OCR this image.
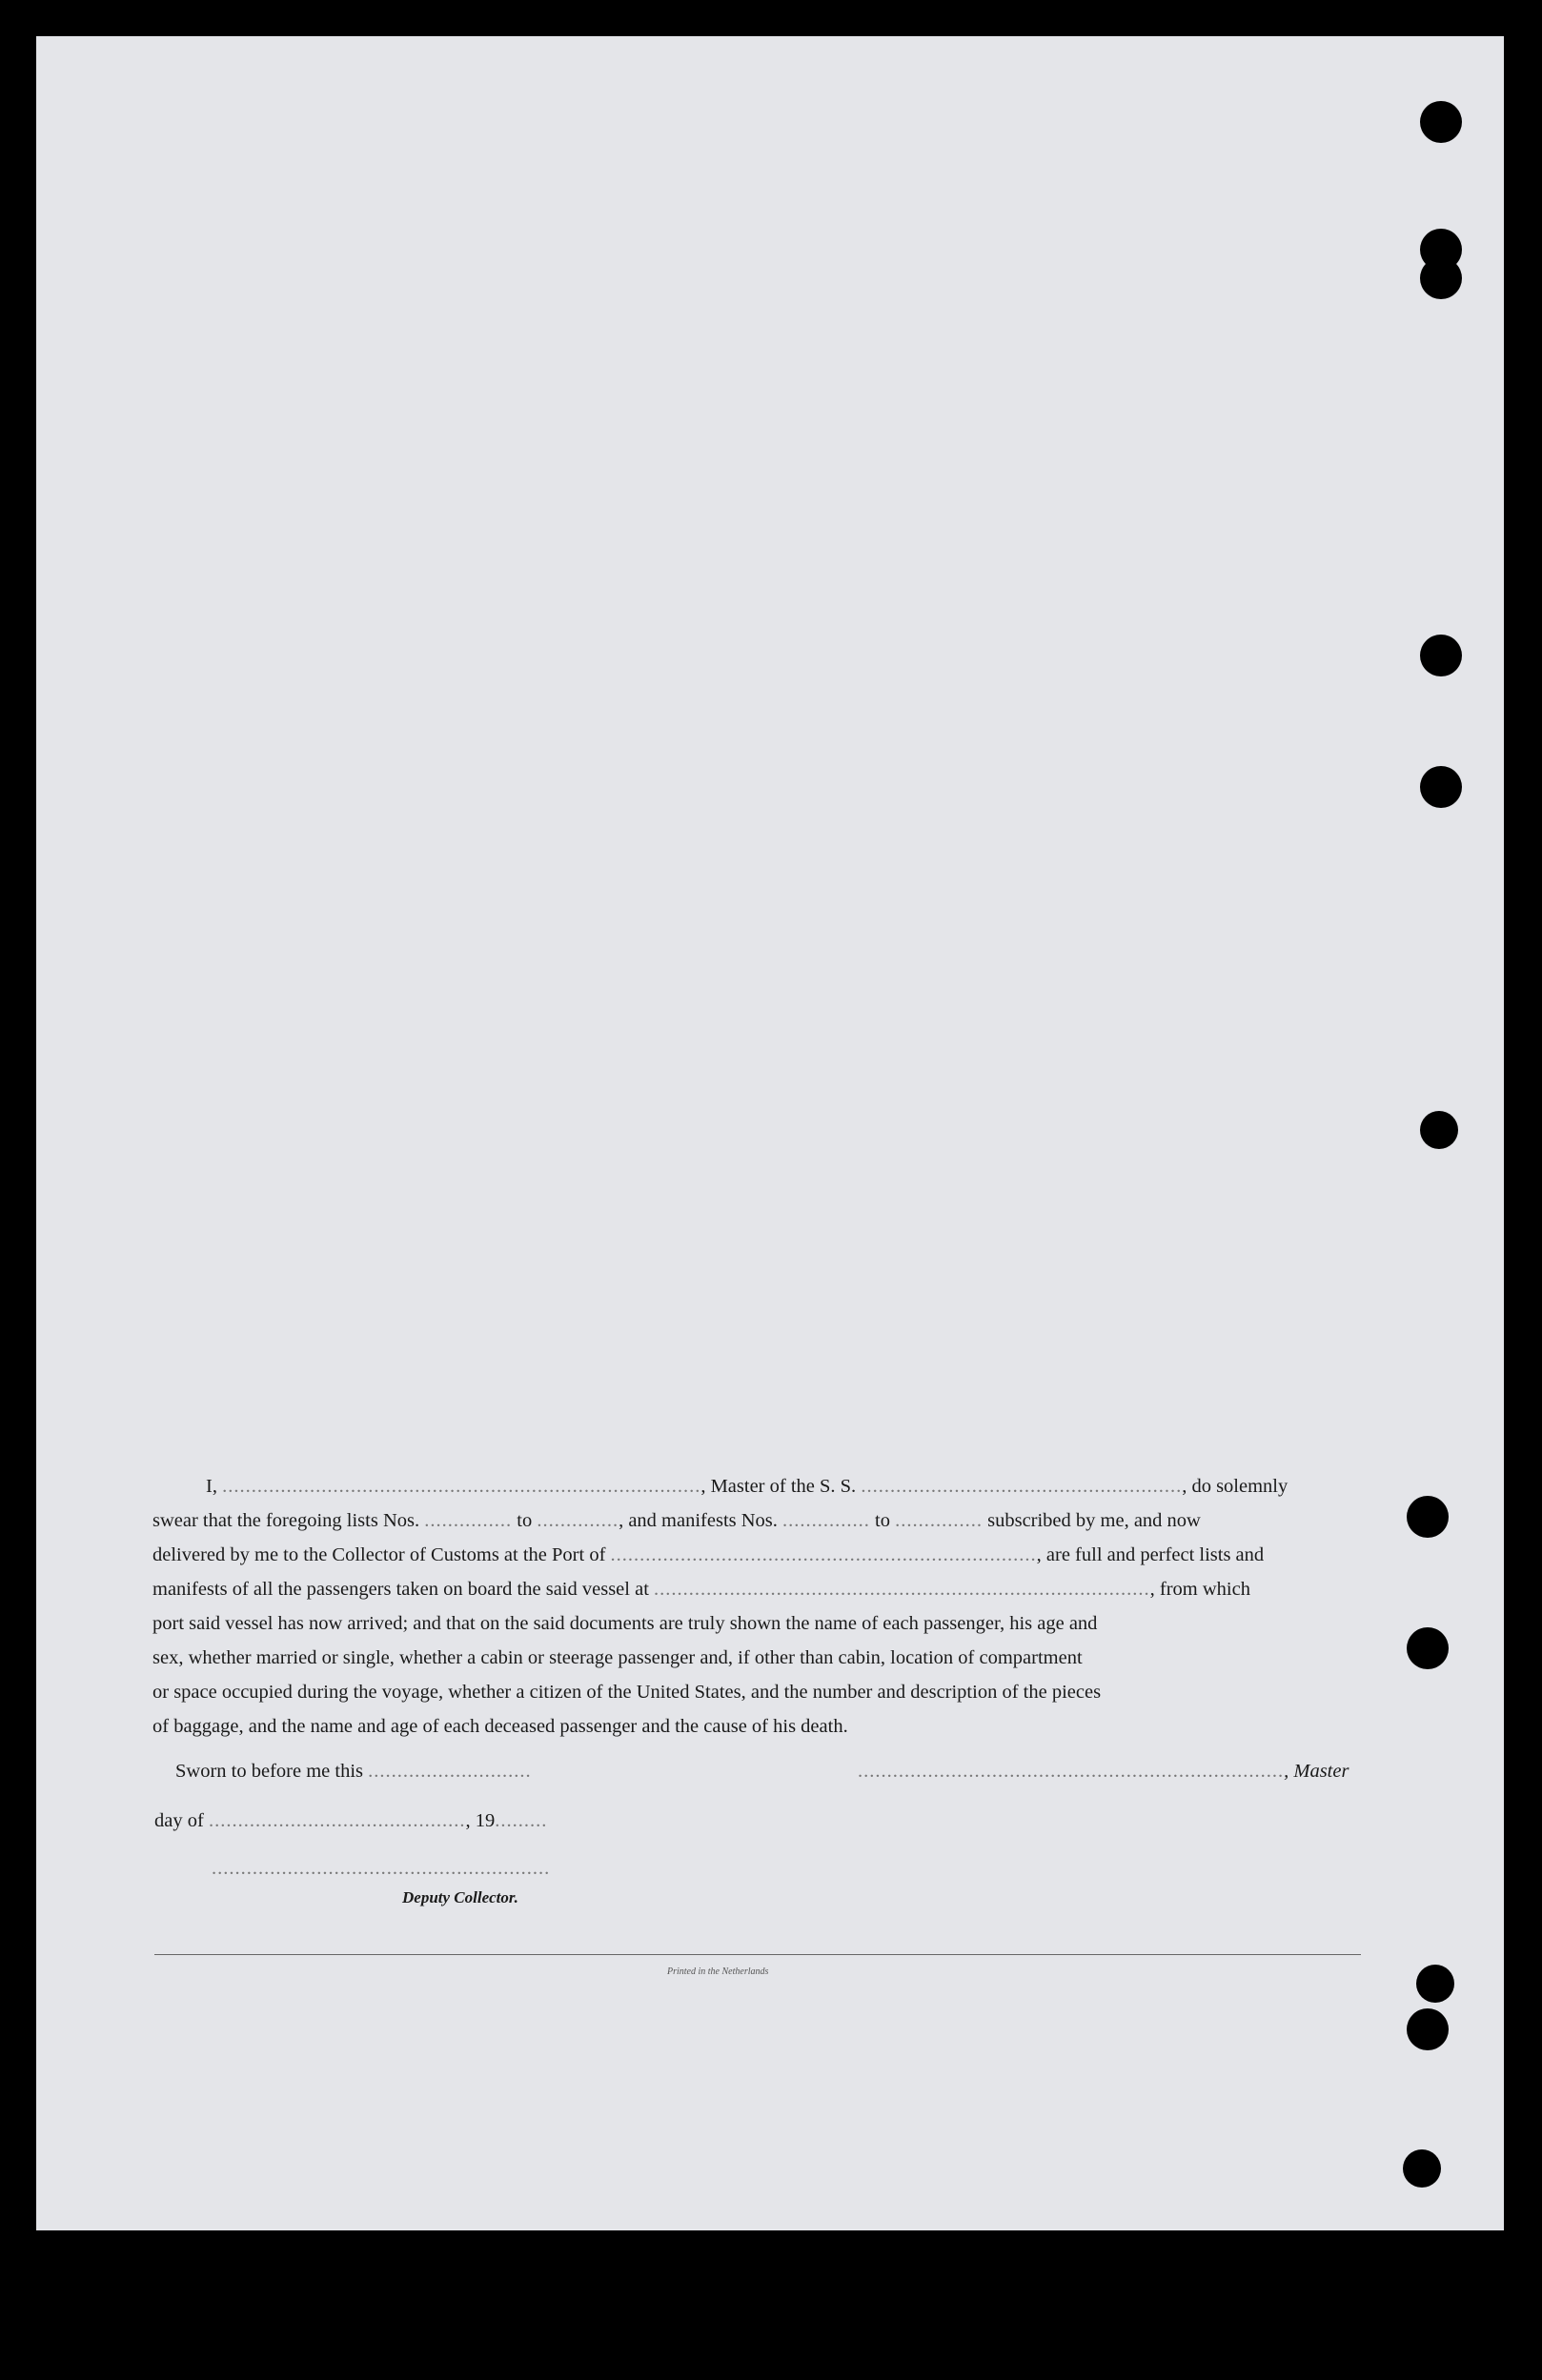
I, .................................................................................., Master of the S. S. ......................................................., do solemnly
swear that the foregoing lists Nos. ............... to .............., and manifests Nos. ............... to ............... subscribed by me, and now
delivered by me to the Collector of Customs at the Port of ........................................................................., are full and perfect lists and
manifests of all the passengers taken on board the said vessel at ....................................................................................., from which
port said vessel has now arrived; and that on the said documents are truly shown the name of each passenger, his age and
sex, whether married or single, whether a cabin or steerage passenger and, if other than cabin, location of compartment
or space occupied during the voyage, whether a citizen of the United States, and the number and description of the pieces
of baggage, and the name and age of each deceased passenger and the cause of his death.
Sworn to before me this ............................	........................................................................., Master
day of ............................................, 19.........
..........................................................
Deputy Collector.
Printed in the Netherlands
